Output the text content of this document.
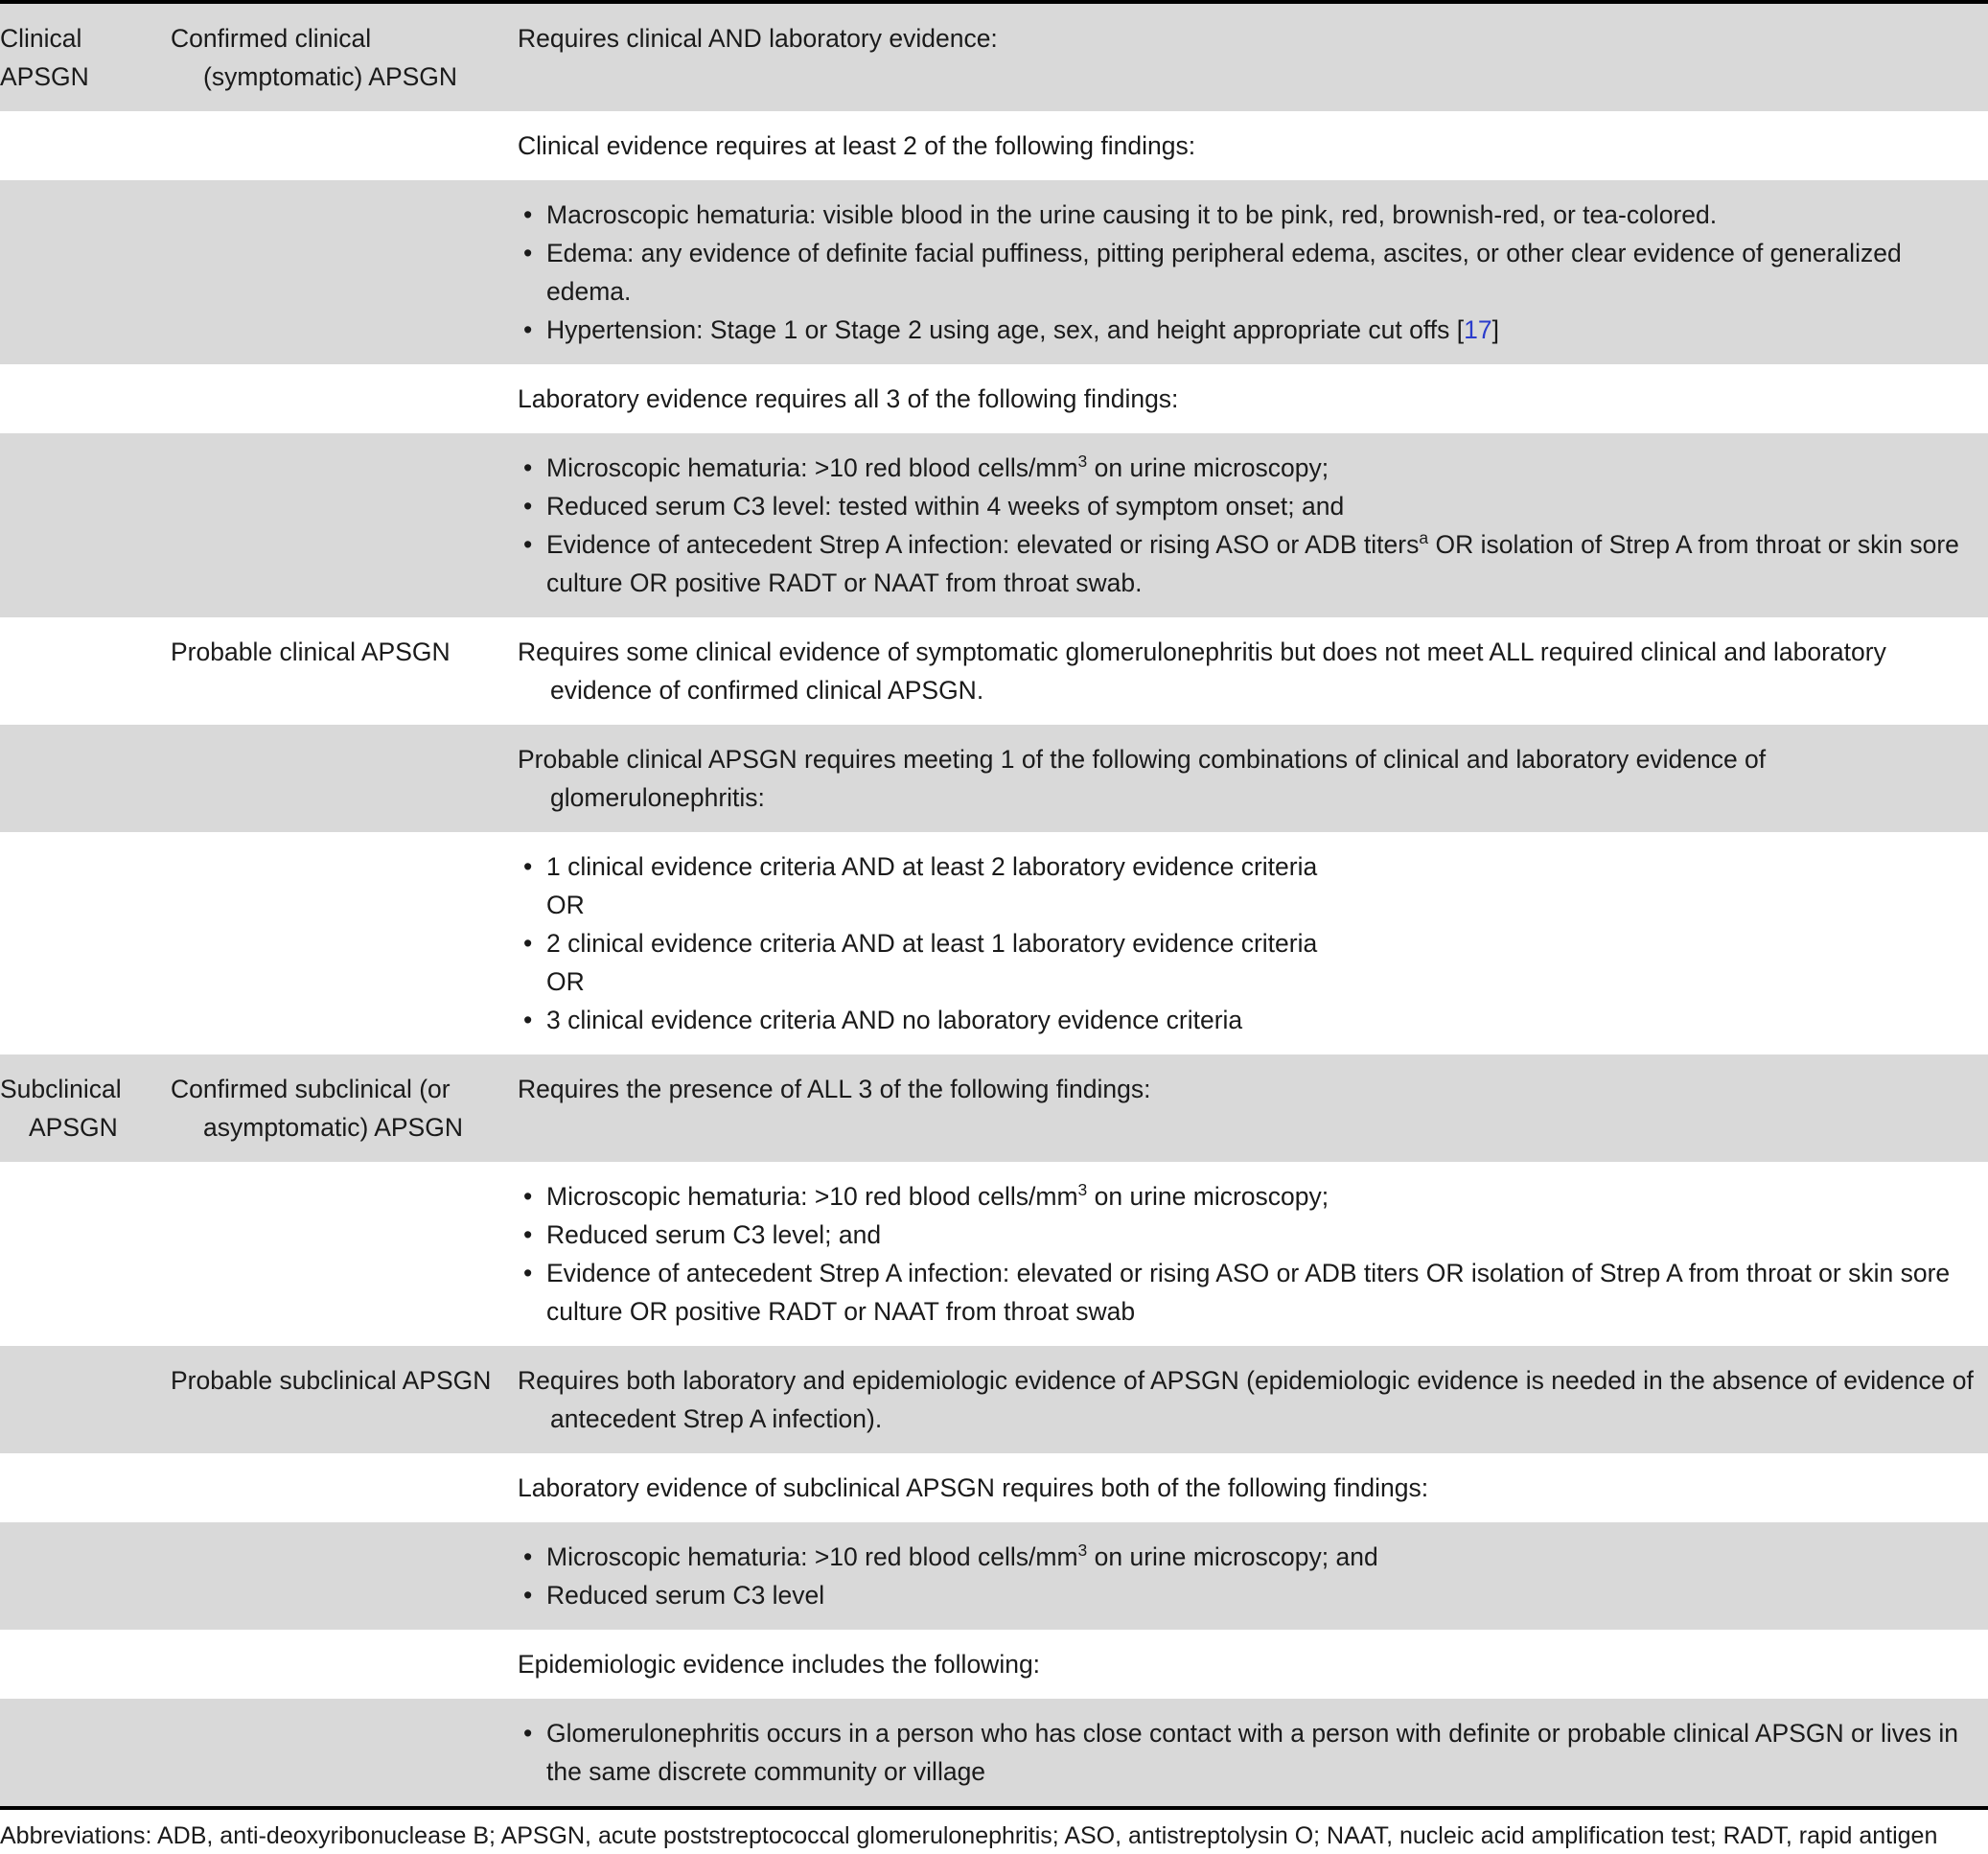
Clinical APSGN
Confirmed clinical
(symptomatic) APSGN
Requires clinical AND laboratory evidence:
Clinical evidence requires at least 2 of the following findings:
• Macroscopic hematuria: visible blood in the urine causing it to be pink, red, brownish-red, or tea-colored.
• Edema: any evidence of definite facial puffiness, pitting peripheral edema, ascites, or other clear evidence of generalized edema.
• Hypertension: Stage 1 or Stage 2 using age, sex, and height appropriate cut offs [17]
Laboratory evidence requires all 3 of the following findings:
• Microscopic hematuria: >10 red blood cells/$mm^3$ on urine microscopy;
• Reduced serum C3 level: tested within 4 weeks of symptom onset; and
• Evidence of antecedent Strep A infection: elevated or rising ASO or ADB titers$^a$ OR isolation of Strep A from throat or skin sore culture OR positive RADT or NAAT from throat swab.
Probable clinical APSGN	Requires some clinical evidence of symptomatic glomerulonephritis but does not meet ALL required clinical and laboratory evidence of confirmed clinical APSGN.
Probable clinical APSGN requires meeting 1 of the following combinations of clinical and laboratory evidence of glomerulonephritis:
• 1 clinical evidence criteria AND at least 2 laboratory evidence criteria
OR
• 2 clinical evidence criteria AND at least 1 laboratory evidence criteria
OR
• 3 clinical evidence criteria AND no laboratory evidence criteria
Subclinical
APSGN
Confirmed subclinical (or
asymptomatic) APSGN
Requires the presence of ALL 3 of the following findings:
• Microscopic hematuria: >10 red blood cells/$mm^3$ on urine microscopy;
• Reduced serum C3 level; and
• Evidence of antecedent Strep A infection: elevated or rising ASO or ADB titers OR isolation of Strep A from throat or skin sore culture OR positive RADT or NAAT from throat swab
Probable subclinical APSGN	Requires both laboratory and epidemiologic evidence of APSGN (epidemiologic evidence is needed in the absence of evidence of antecedent Strep A infection).
Laboratory evidence of subclinical APSGN requires both of the following findings:
• Microscopic hematuria: >10 red blood cells/$mm^3$ on urine microscopy; and
• Reduced serum C3 level
Epidemiologic evidence includes the following:
• Glomerulonephritis occurs in a person who has close contact with a person with definite or probable clinical APSGN or lives in the same discrete community or village
Abbreviations: ADB, anti-deoxyribonuclease B; APSGN, acute poststreptococcal glomerulonephritis; ASO, antistreptolysin O; NAAT, nucleic acid amplification test; RADT, rapid antigen
